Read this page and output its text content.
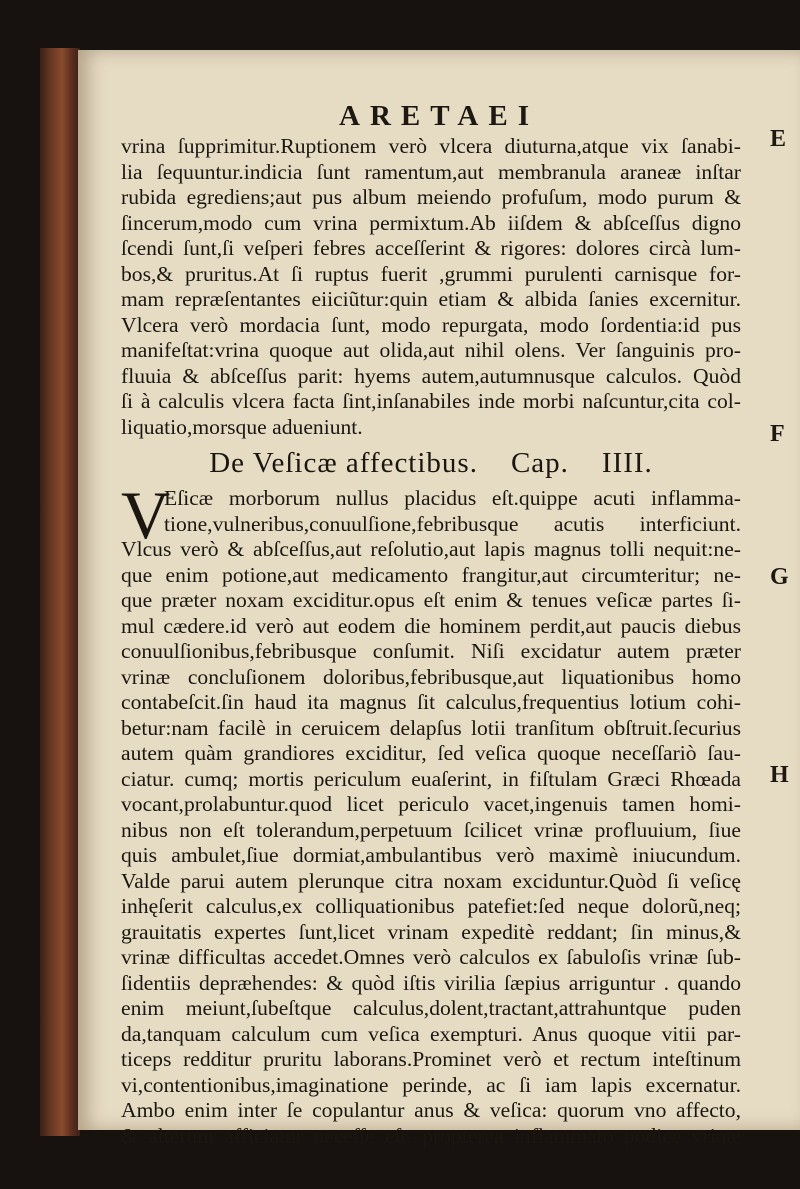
ARETAEI
vrina ſupprimitur.Ruptionem verò vlcera diuturna,atque vix ſanabi-
lia ſequuntur.indicia ſunt ramentum,aut membranula araneæ inſtar
rubida egrediens;aut pus album meiendo profuſum, modo purum &
ſincerum,modo cum vrina permixtum.Ab iiſdem & abſceſſus digno
ſcendi ſunt,ſi veſperi febres acceſſerint & rigores: dolores circà lum-
bos,& pruritus.At ſi ruptus fuerit ,grummi purulenti carnisque for-
mam repræſentantes eiiciũtur:quin etiam & albida ſanies excernitur.
Vlcera verò mordacia ſunt, modo repurgata, modo ſordentia:id pus
manifeſtat:vrina quoque aut olida,aut nihil olens. Ver ſanguinis pro-
fluuia & abſceſſus parit: hyems autem,autumnusque calculos. Quòd
ſi à calculis vlcera facta ſint,inſanabiles inde morbi naſcuntur,cita col-
liquatio,morsque adueniunt.
De Veſicæ affectibus.    Cap.    IIII.
V
Eſicæ morborum nullus placidus eſt.quippe acuti inflamma-
tione,vulneribus,conuulſione,febribusque acutis interficiunt.
Vlcus verò & abſceſſus,aut reſolutio,aut lapis magnus tolli nequit:ne-
que enim potione,aut medicamento frangitur,aut circumteritur; ne-
que præter noxam exciditur.opus eſt enim & tenues veſicæ partes ſi-
mul cædere.id verò aut eodem die hominem perdit,aut paucis diebus
conuulſionibus,febribusque conſumit. Niſi excidatur autem præter
vrinæ concluſionem doloribus,febribusque,aut liquationibus homo
contabeſcit.ſin haud ita magnus ſit calculus,frequentius lotium cohi-
betur:nam facilè in ceruicem delapſus lotii tranſitum obſtruit.ſecurius
autem quàm grandiores exciditur, ſed veſica quoque neceſſariò ſau-
ciatur. cumq; mortis periculum euaſerint, in fiſtulam Græci Rhœada
vocant,prolabuntur.quod licet periculo vacet,ingenuis tamen homi-
nibus non eſt tolerandum,perpetuum ſcilicet vrinæ profluuium, ſiue
quis ambulet,ſiue dormiat,ambulantibus verò maximè iniucundum.
Valde parui autem plerunque citra noxam exciduntur.Quòd ſi veſicę
inhęſerit calculus,ex colliquationibus patefiet:ſed neque dolorũ,neq;
grauitatis expertes ſunt,licet vrinam expeditè reddant; ſin minus,&
vrinæ difficultas accedet.Omnes verò calculos ex ſabuloſis vrinæ ſub-
ſidentiis depræhendes: & quòd iſtis virilia ſæpius arriguntur . quando
enim meiunt,ſubeſtque calculus,dolent,tractant,attrahuntque puden
da,tanquam calculum cum veſica exempturi. Anus quoque vitii par-
ticeps redditur pruritu laborans.Prominet verò et rectum inteſtinum
vi,contentionibus,imaginatione perinde, ac ſi iam lapis excernatur.
Ambo enim inter ſe copulantur anus & veſica: quorum vno affecto,
& alterum afficiatur neceſſe eſt. propterea inflammato podice vrinæ
E
F
G
H
